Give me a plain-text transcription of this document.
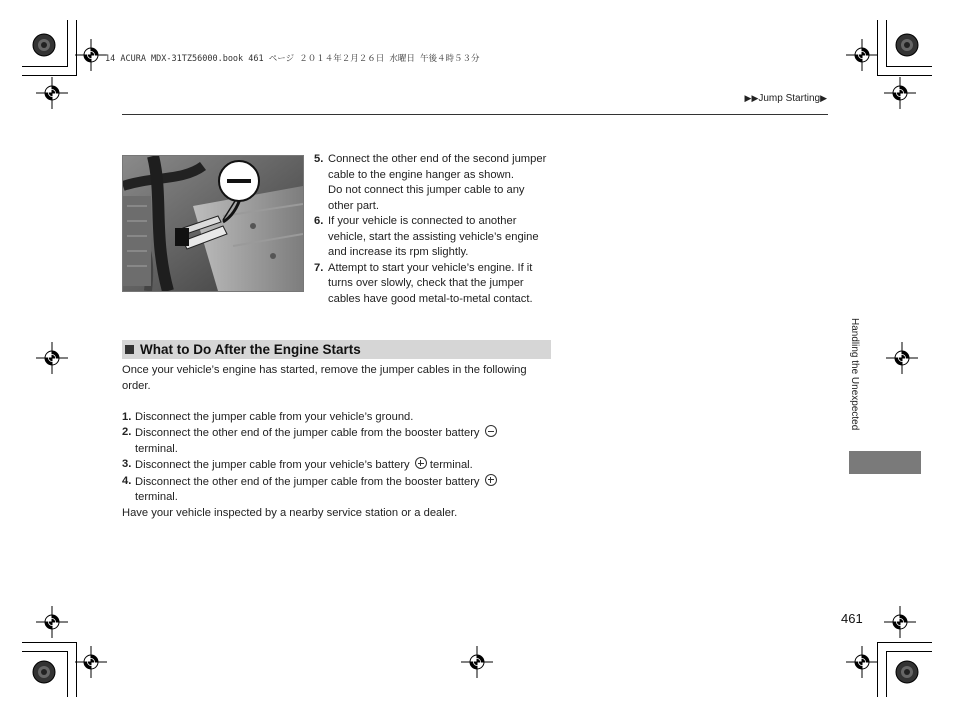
14 ACURA MDX-31TZ56000.book 461 ページ ２０１４年２月２６日 水曜日 午後４時５３分
▶▶Jump Starting▶
5. Connect the other end of the second jumper cable to the engine hanger as shown.
Do not connect this jumper cable to any other part.
6. If your vehicle is connected to another vehicle, start the assisting vehicle’s engine and increase its rpm slightly.
7. Attempt to start your vehicle’s engine. If it turns over slowly, check that the jumper cables have good metal-to-metal contact.
What to Do After the Engine Starts

Once your vehicle’s engine has started, remove the jumper cables in the following order.

1. Disconnect the jumper cable from your vehicle’s ground.
2. Disconnect the other end of the jumper cable from the booster battery
terminal.
3. Disconnect the jumper cable from your vehicle’s battery terminal.
4. Disconnect the other end of the jumper cable from the booster battery
terminal.

Have your vehicle inspected by a nearby service station or a dealer.

Handling the Unexpected
461
